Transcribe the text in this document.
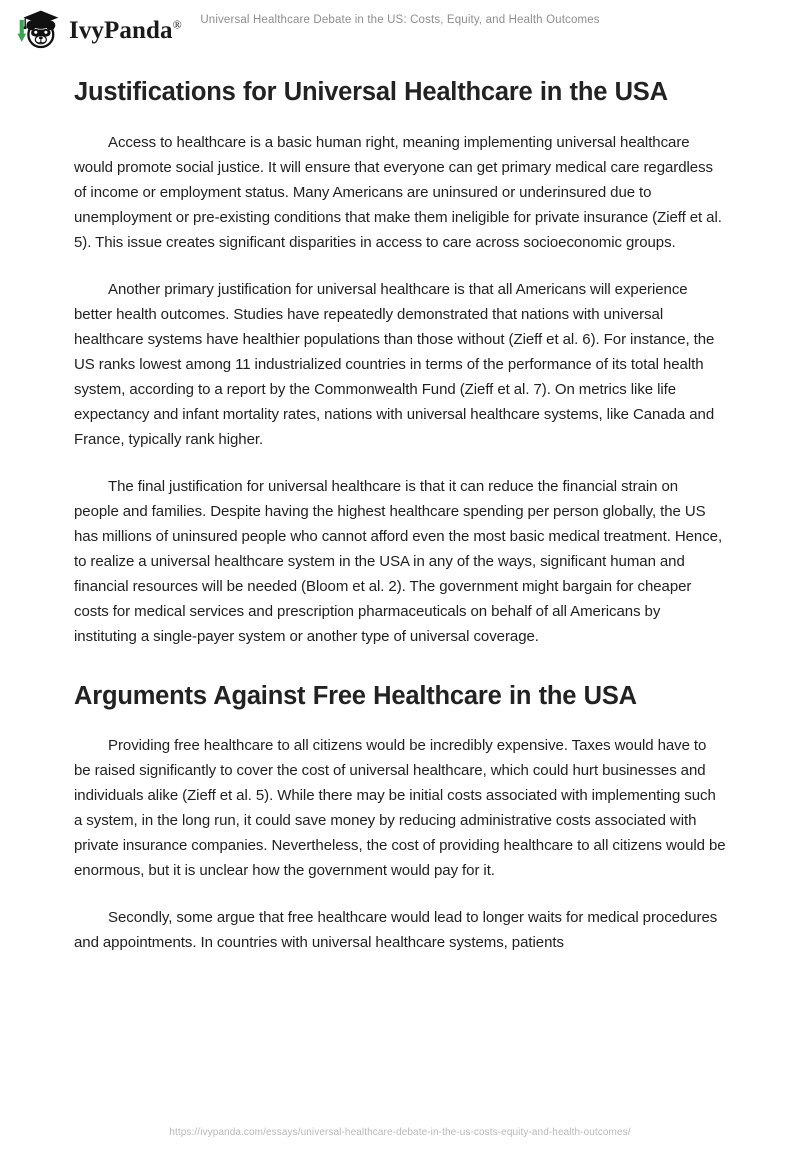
IvyPanda®	Universal Healthcare Debate in the US: Costs, Equity, and Health Outcomes
Justifications for Universal Healthcare in the USA

Access to healthcare is a basic human right, meaning implementing universal healthcare would promote social justice. It will ensure that everyone can get primary medical care regardless of income or employment status. Many Americans are uninsured or underinsured due to unemployment or pre-existing conditions that make them ineligible for private insurance (Zieff et al. 5). This issue creates significant disparities in access to care across socioeconomic groups.

Another primary justification for universal healthcare is that all Americans will experience better health outcomes. Studies have repeatedly demonstrated that nations with universal healthcare systems have healthier populations than those without (Zieff et al. 6). For instance, the US ranks lowest among 11 industrialized countries in terms of the performance of its total health system, according to a report by the Commonwealth Fund (Zieff et al. 7). On metrics like life expectancy and infant mortality rates, nations with universal healthcare systems, like Canada and France, typically rank higher.

The final justification for universal healthcare is that it can reduce the financial strain on people and families. Despite having the highest healthcare spending per person globally, the US has millions of uninsured people who cannot afford even the most basic medical treatment. Hence, to realize a universal healthcare system in the USA in any of the ways, significant human and financial resources will be needed (Bloom et al. 2). The government might bargain for cheaper costs for medical services and prescription pharmaceuticals on behalf of all Americans by instituting a single-payer system or another type of universal coverage.

Arguments Against Free Healthcare in the USA

Providing free healthcare to all citizens would be incredibly expensive. Taxes would have to be raised significantly to cover the cost of universal healthcare, which could hurt businesses and individuals alike (Zieff et al. 5). While there may be initial costs associated with implementing such a system, in the long run, it could save money by reducing administrative costs associated with private insurance companies. Nevertheless, the cost of providing healthcare to all citizens would be enormous, but it is unclear how the government would pay for it.

Secondly, some argue that free healthcare would lead to longer waits for medical procedures and appointments. In countries with universal healthcare systems, patients

https://ivypanda.com/essays/universal-healthcare-debate-in-the-us-costs-equity-and-health-outcomes/
